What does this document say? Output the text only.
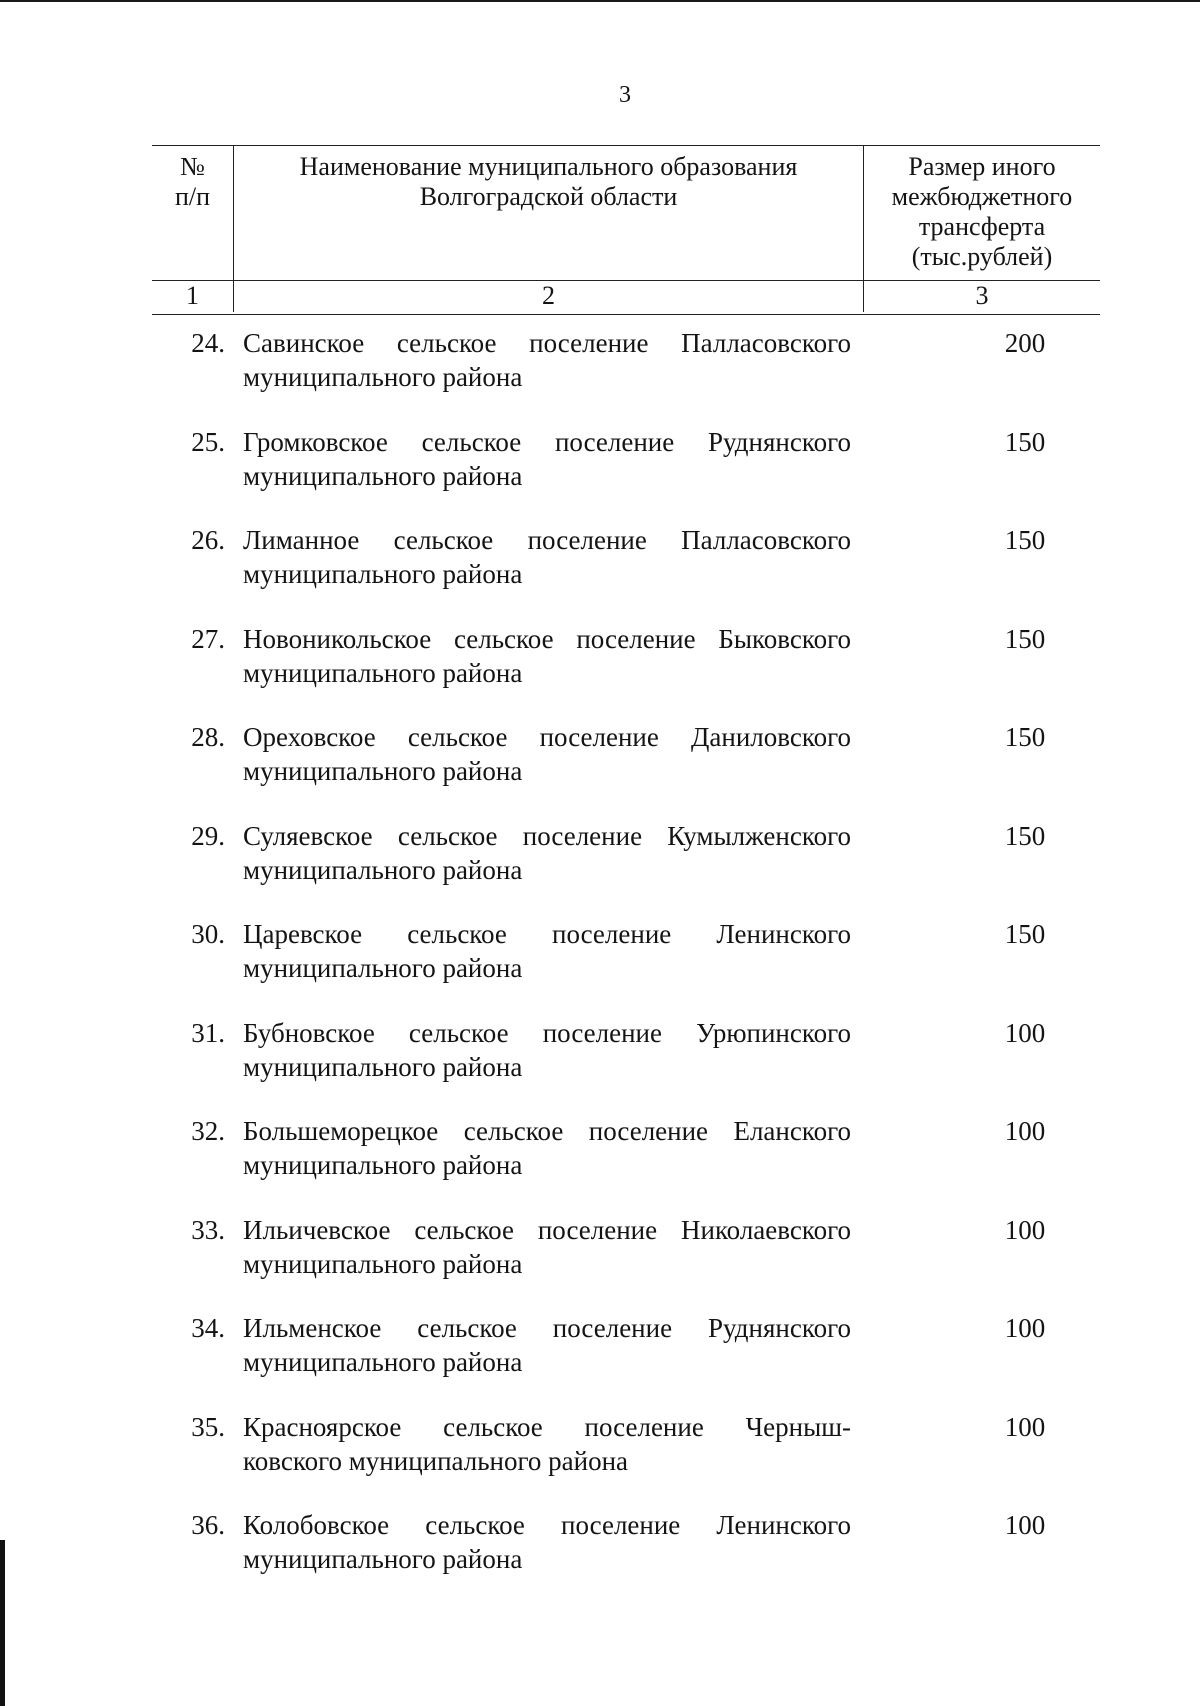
3
№
п/п
Наименование муниципального образования
Волгоградской области
Размер иного
межбюджетного
трансферта
(тыс.рублей)
1	2	3
24. Савинское сельское поселение Палласовского
муниципального района
200
25. Громковское сельское поселение Руднянского
муниципального района
150
26. Лиманное сельское поселение Палласовского
муниципального района
150
27. Новоникольское сельское поселение Быковского
муниципального района
150
28. Ореховское сельское поселение Даниловского
муниципального района
150
29. Суляевское сельское поселение Кумылженского
муниципального района
150
30. Царевское сельское поселение Ленинского
муниципального района
150
31. Бубновское сельское поселение Урюпинского
муниципального района
100
32. Большеморецкое сельское поселение Еланского
муниципального района
100
33. Ильичевское сельское поселение Николаевского
муниципального района
100
34. Ильменское сельское поселение Руднянского
муниципального района
100
35. Красноярское сельское поселение Черныш-
ковского муниципального района
100
36. Колобовское сельское поселение Ленинского
муниципального района
100
